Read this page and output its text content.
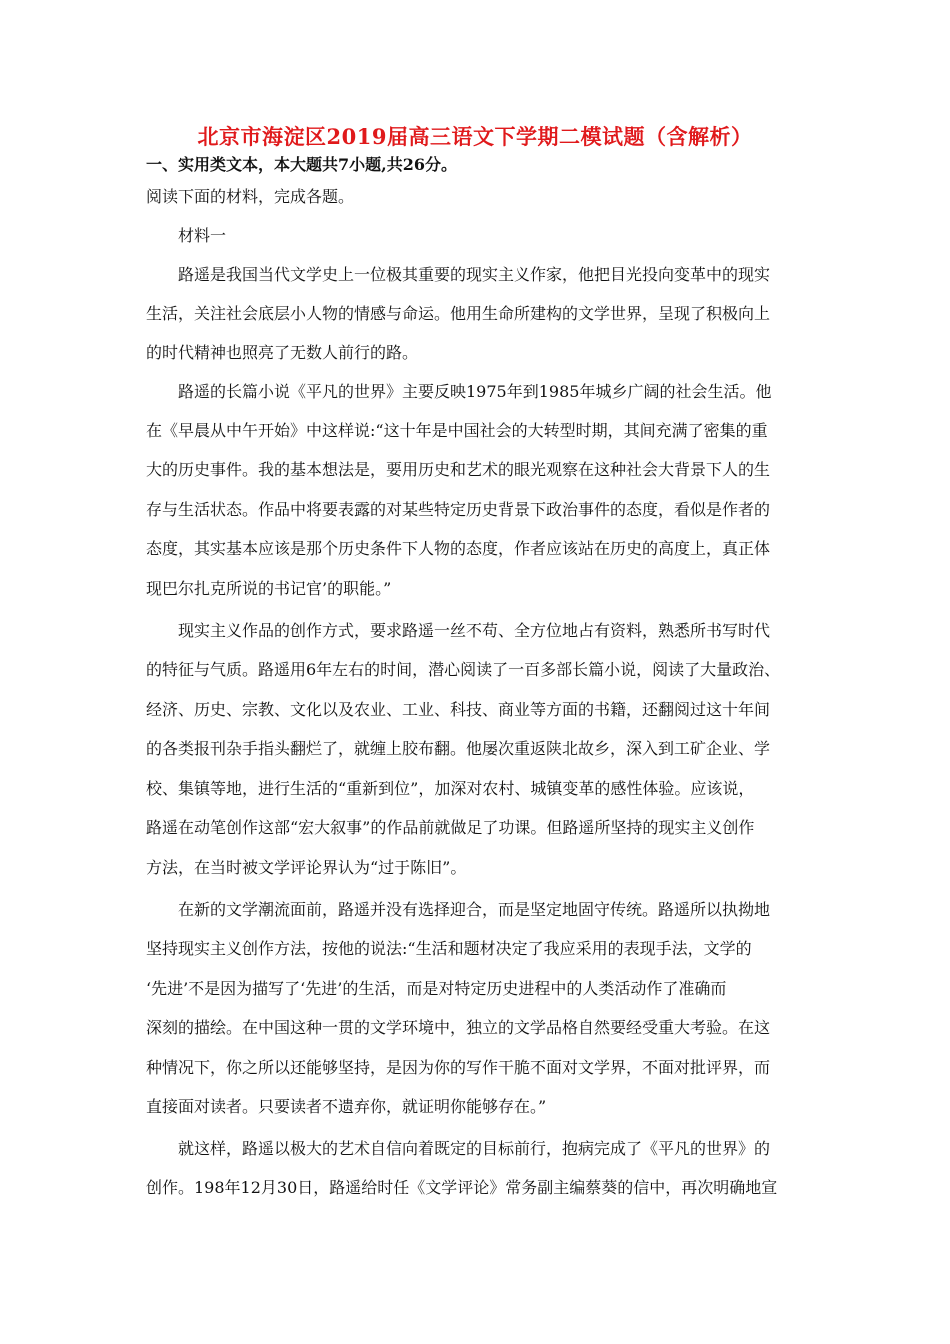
北京市海淀区2019届高三语文下学期二模试题（含解析）
一、实用类文本，本大题共7小题,共26分。
阅读下面的材料，完成各题。
材料一
路遥是我国当代文学史上一位极其重要的现实主义作家，他把目光投向变革中的现实
生活，关注社会底层小人物的情感与命运。他用生命所建构的文学世界，呈现了积极向上
的时代精神也照亮了无数人前行的路。
路遥的长篇小说《平凡的世界》主要反映1975年到1985年城乡广阔的社会生活。他
在《早晨从中午开始》中这样说:“这十年是中国社会的大转型时期，其间充满了密集的重
大的历史事件。我的基本想法是，要用历史和艺术的眼光观察在这种社会大背景下人的生
存与生活状态。作品中将要表露的对某些特定历史背景下政治事件的态度，看似是作者的
态度，其实基本应该是那个历史条件下人物的态度，作者应该站在历史的高度上，真正体
现巴尔扎克所说的书记官’的职能。”
现实主义作品的创作方式，要求路遥一丝不苟、全方位地占有资料，熟悉所书写时代
的特征与气质。路遥用6年左右的时间，潜心阅读了一百多部长篇小说，阅读了大量政治、
经济、历史、宗教、文化以及农业、工业、科技、商业等方面的书籍，还翻阅过这十年间
的各类报刊杂手指头翻烂了，就缠上胶布翻。他屡次重返陕北故乡，深入到工矿企业、学
校、集镇等地，进行生活的“重新到位”，加深对农村、城镇变革的感性体验。应该说，
路遥在动笔创作这部“宏大叙事”的作品前就做足了功课。但路遥所坚持的现实主义创作
方法，在当时被文学评论界认为“过于陈旧”。
在新的文学潮流面前，路遥并没有选择迎合，而是坚定地固守传统。路遥所以执拗地
坚持现实主义创作方法，按他的说法:“生活和题材决定了我应采用的表现手法，文学的
‘先进’不是因为描写了‘先进’的生活，而是对特定历史进程中的人类活动作了准确而
深刻的描绘。在中国这种一贯的文学环境中，独立的文学品格自然要经受重大考验。在这
种情况下，你之所以还能够坚持，是因为你的写作干脆不面对文学界，不面对批评界，而
直接面对读者。只要读者不遗弃你，就证明你能够存在。”
就这样，路遥以极大的艺术自信向着既定的目标前行，抱病完成了《平凡的世界》的
创作。198年12月30日，路遥给时任《文学评论》常务副主编蔡葵的信中，再次明确地宣
